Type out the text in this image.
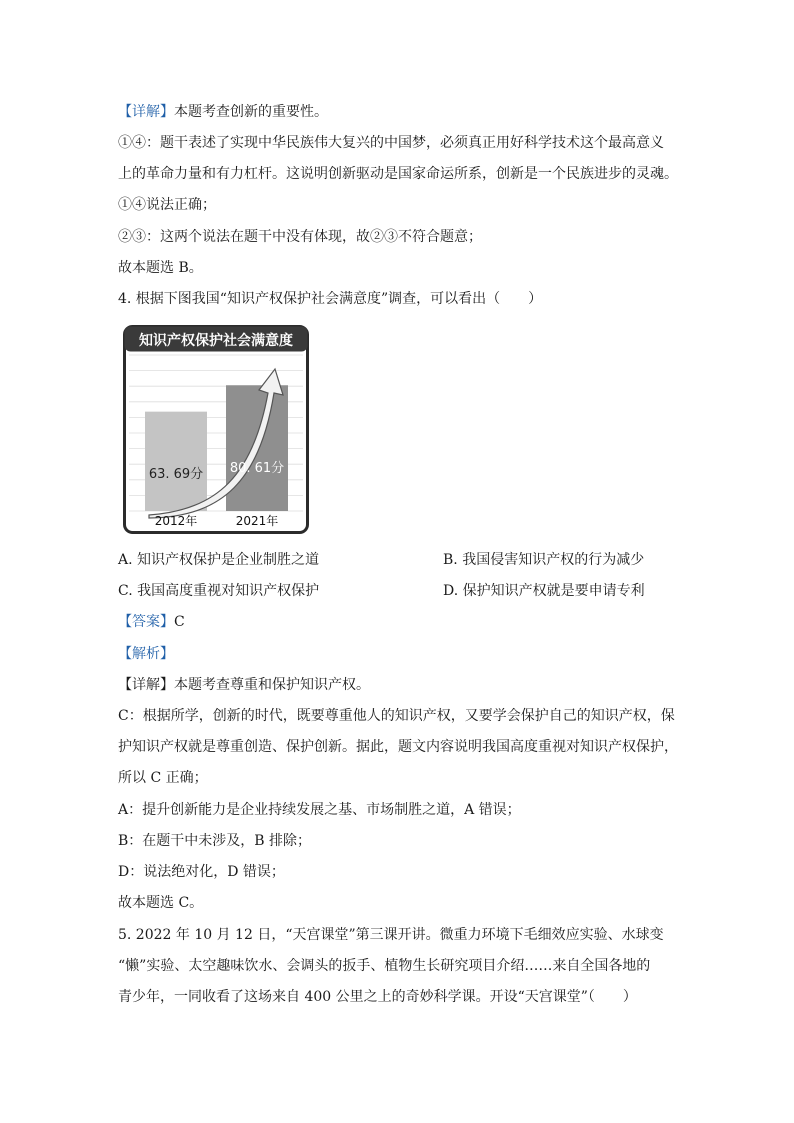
【详解】本题考查创新的重要性。
①④：题干表述了实现中华民族伟大复兴的中国梦，必须真正用好科学技术这个最高意义
上的革命力量和有力杠杆。这说明创新驱动是国家命运所系，创新是一个民族进步的灵魂。
①④说法正确；
②③：这两个说法在题干中没有体现，故②③不符合题意；
故本题选 B。
4. 根据下图我国“知识产权保护社会满意度”调查，可以看出（　　）
知识产权保护社会满意度
63. 69分 80. 61分
2012年	2021年
A. 知识产权保护是企业制胜之道	B. 我国侵害知识产权的行为减少
C. 我国高度重视对知识产权保护	D. 保护知识产权就是要申请专利
【答案】C
【解析】
【详解】本题考查尊重和保护知识产权。
C：根据所学，创新的时代，既要尊重他人的知识产权，又要学会保护自己的知识产权，保
护知识产权就是尊重创造、保护创新。据此，题文内容说明我国高度重视对知识产权保护，
所以 C 正确；
A：提升创新能力是企业持续发展之基、市场制胜之道，A 错误；
B：在题干中未涉及，B 排除；
D：说法绝对化，D 错误；
故本题选 C。
5. 2022 年 10 月 12 日，“天宫课堂”第三课开讲。微重力环境下毛细效应实验、水球变
“懒”实验、太空趣味饮水、会调头的扳手、植物生长研究项目介绍……来自全国各地的
青少年，一同收看了这场来自 400 公里之上的奇妙科学课。开设“天宫课堂”（　　）
